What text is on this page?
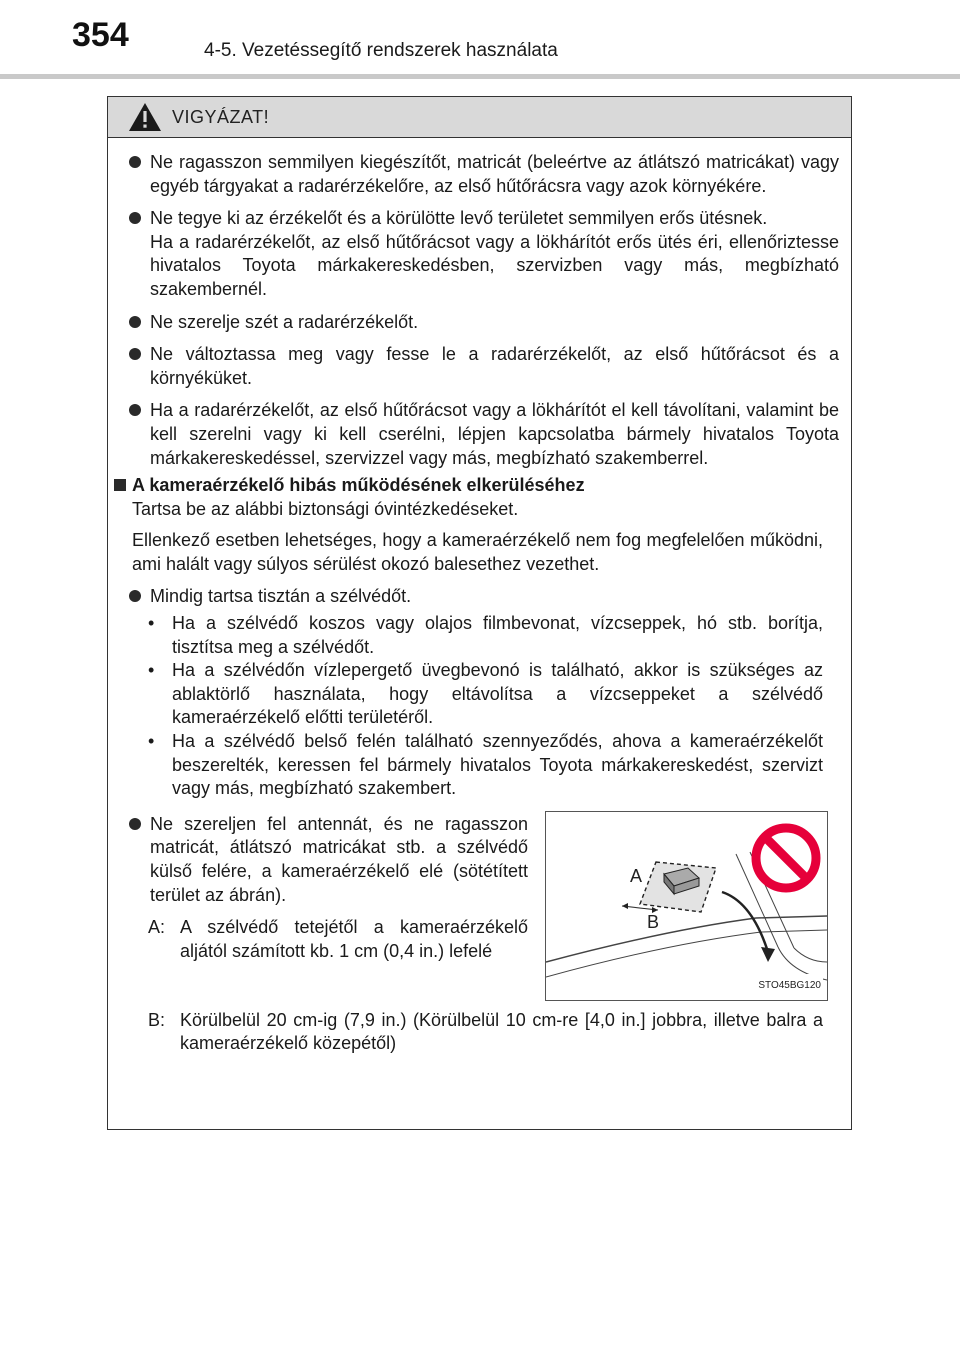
354	4-5. Vezetéssegítő rendszerek használata
VIGYÁZAT!
Ne ragasszon semmilyen kiegészítőt, matricát (beleértve az átlátszó matricákat) vagy egyéb tárgyakat a radarérzékelőre, az első hűtőrácsra vagy azok környékére.
Ne tegye ki az érzékelőt és a körülötte levő területet semmilyen erős ütésnek.
Ha a radarérzékelőt, az első hűtőrácsot vagy a lökhárítót erős ütés éri, ellenőriztesse hivatalos Toyota márkakereskedésben, szervizben vagy más, megbízható szakembernél.
Ne szerelje szét a radarérzékelőt.
Ne változtassa meg vagy fesse le a radarérzékelőt, az első hűtőrácsot és a környéküket.
Ha a radarérzékelőt, az első hűtőrácsot vagy a lökhárítót el kell távolítani, valamint be kell szerelni vagy ki kell cserélni, lépjen kapcsolatba bármely hivatalos Toyota márkakereskedéssel, szervizzel vagy más, megbízható szakemberrel.
A kameraérzékelő hibás működésének elkerüléséhez
Tartsa be az alábbi biztonsági óvintézkedéseket.
Ellenkező esetben lehetséges, hogy a kameraérzékelő nem fog megfelelően működni, ami halált vagy súlyos sérülést okozó balesethez vezethet.
Mindig tartsa tisztán a szélvédőt.
• Ha a szélvédő koszos vagy olajos filmbevonat, vízcseppek, hó stb. borítja, tisztítsa meg a szélvédőt.
• Ha a szélvédőn vízlepergető üvegbevonó is található, akkor is szükséges az ablaktörlő használata, hogy eltávolítsa a vízcseppeket a szélvédő kameraérzékelő előtti területéről.
• Ha a szélvédő belső felén található szennyeződés, ahova a kameraérzékelőt beszerelték, keressen fel bármely hivatalos Toyota márkakereskedést, szervizt vagy más, megbízható szakembert.
Ne szereljen fel antennát, és ne ragasszon matricát, átlátszó matricákat stb. a szélvédő külső felére, a kameraérzékelő elé (sötétített terület az ábrán).
A: A szélvédő tetejétől a kameraérzékelő aljától számított kb. 1 cm (0,4 in.) lefelé
A
B
STO45BG120
B: Körülbelül 20 cm-ig (7,9 in.) (Körülbelül 10 cm-re [4,0 in.] jobbra, illetve balra a kameraérzékelő közepétől)
